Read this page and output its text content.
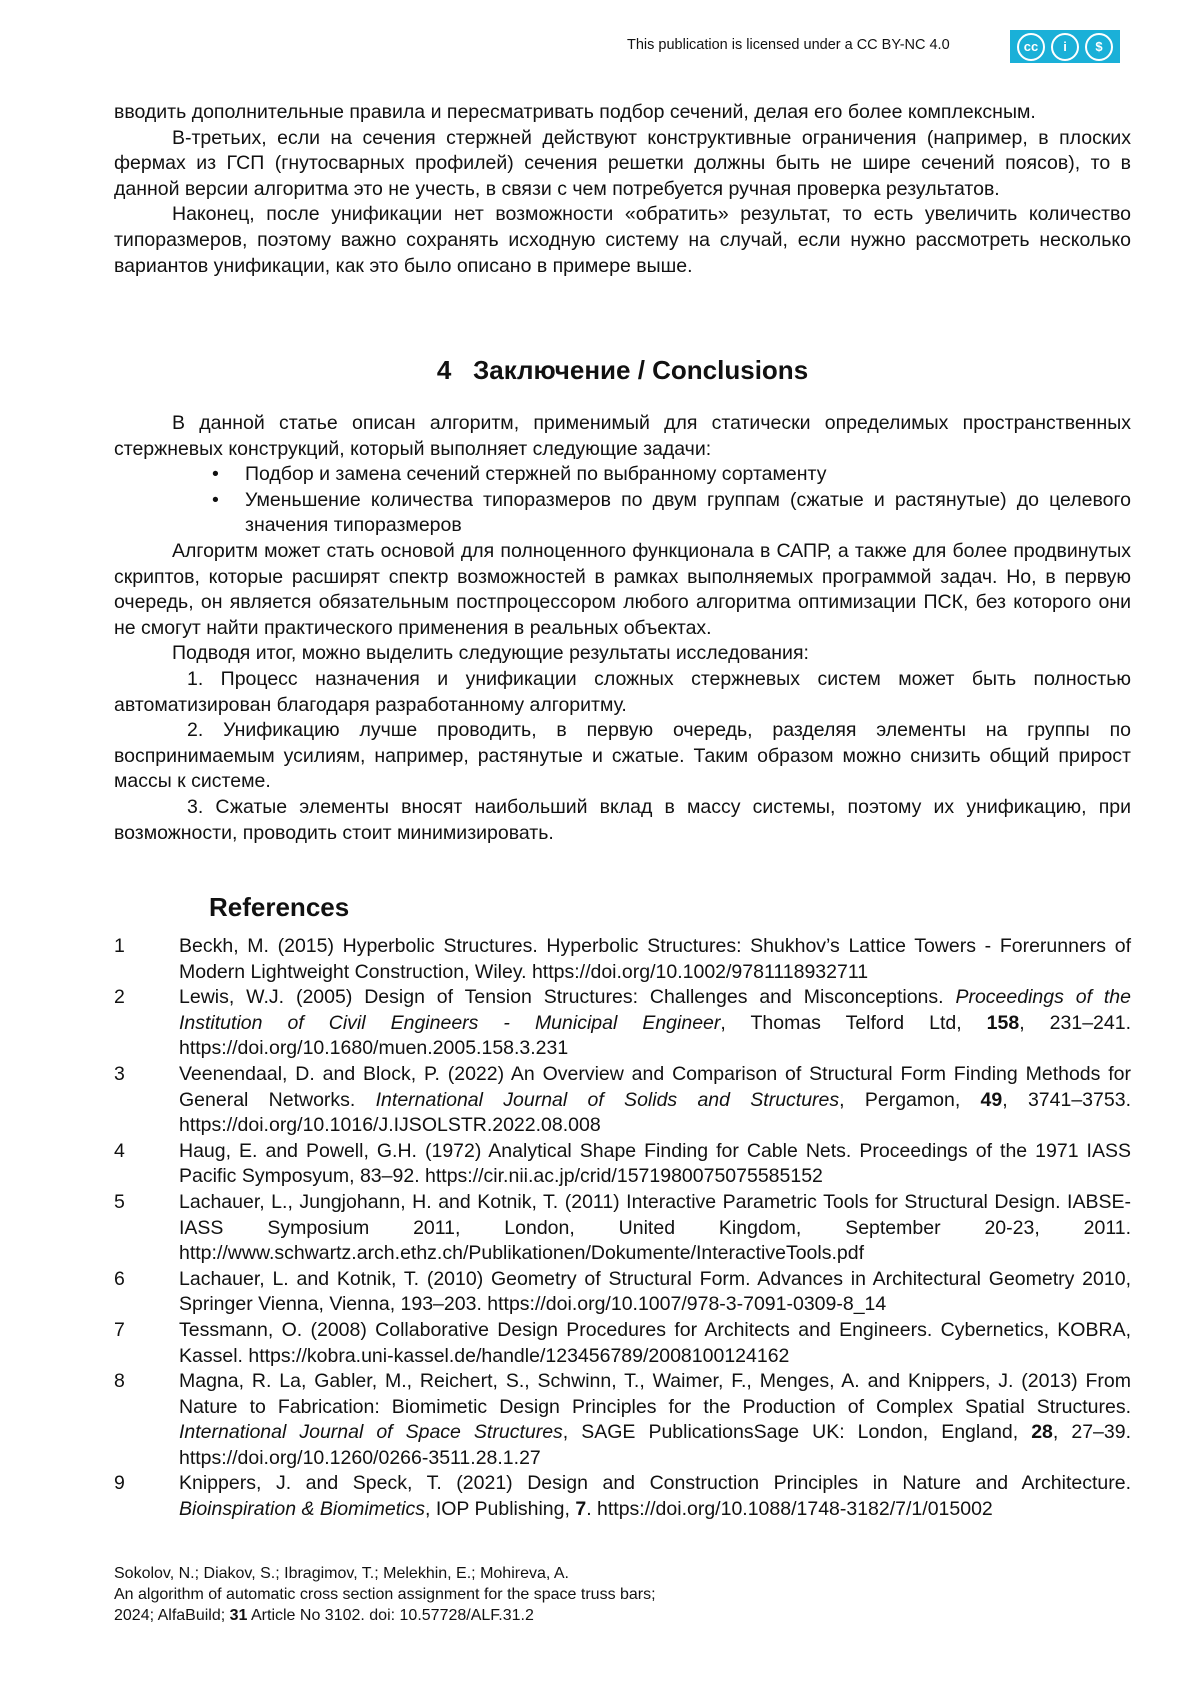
This publication is licensed under a CC BY-NC 4.0	cc	i	$

вводить дополнительные правила и пересматривать подбор сечений, делая его более комплексным.

В-третьих, если на сечения стержней действуют конструктивные ограничения (например, в плоских фермах из ГСП (гнутосварных профилей) сечения решетки должны быть не шире сечений поясов), то в данной версии алгоритма это не учесть, в связи с чем потребуется ручная проверка результатов.

Наконец, после унификации нет возможности «обратить» результат, то есть увеличить количество типоразмеров, поэтому важно сохранять исходную систему на случай, если нужно рассмотреть несколько вариантов унификации, как это было описано в примере выше.

4   Заключение / Conclusions

В данной статье описан алгоритм, применимый для статически определимых пространственных стержневых конструкций, который выполняет следующие задачи:

• Подбор и замена сечений стержней по выбранному сортаменту

• Уменьшение количества типоразмеров по двум группам (сжатые и растянутые) до целевого значения типоразмеров

Алгоритм может стать основой для полноценного функционала в САПР, а также для более продвинутых скриптов, которые расширят спектр возможностей в рамках выполняемых программой задач. Но, в первую очередь, он является обязательным постпроцессором любого алгоритма оптимизации ПСК, без которого они не смогут найти практического применения в реальных объектах.

Подводя итог, можно выделить следующие результаты исследования:

1. Процесс назначения и унификации сложных стержневых систем может быть полностью автоматизирован благодаря разработанному алгоритму.

2. Унификацию лучше проводить, в первую очередь, разделяя элементы на группы по воспринимаемым усилиям, например, растянутые и сжатые. Таким образом можно снизить общий прирост массы к системе.

3. Сжатые элементы вносят наибольший вклад в массу системы, поэтому их унификацию, при возможности, проводить стоит минимизировать.

References

1	Beckh, M. (2015) Hyperbolic Structures. Hyperbolic Structures: Shukhov’s Lattice Towers - Forerunners of Modern Lightweight Construction, Wiley. https://doi.org/10.1002/9781118932711

2	Lewis, W.J. (2005) Design of Tension Structures: Challenges and Misconceptions. Proceedings of the Institution of Civil Engineers - Municipal Engineer, Thomas Telford Ltd, 158, 231–241. https://doi.org/10.1680/muen.2005.158.3.231

3	Veenendaal, D. and Block, P. (2022) An Overview and Comparison of Structural Form Finding Methods for General Networks. International Journal of Solids and Structures, Pergamon, 49, 3741–3753. https://doi.org/10.1016/J.IJSOLSTR.2022.08.008

4	Haug, E. and Powell, G.H. (1972) Analytical Shape Finding for Cable Nets. Proceedings of the 1971 IASS Pacific Symposyum, 83–92. https://cir.nii.ac.jp/crid/1571980075075585152

5	Lachauer, L., Jungjohann, H. and Kotnik, T. (2011) Interactive Parametric Tools for Structural Design. IABSE-IASS Symposium 2011, London, United Kingdom, September 20-23, 2011. http://www.schwartz.arch.ethz.ch/Publikationen/Dokumente/InteractiveTools.pdf

6	Lachauer, L. and Kotnik, T. (2010) Geometry of Structural Form. Advances in Architectural Geometry 2010, Springer Vienna, Vienna, 193–203. https://doi.org/10.1007/978-3-7091-0309-8_14

7	Tessmann, O. (2008) Collaborative Design Procedures for Architects and Engineers. Cybernetics, KOBRA, Kassel. https://kobra.uni-kassel.de/handle/123456789/2008100124162

8	Magna, R. La, Gabler, M., Reichert, S., Schwinn, T., Waimer, F., Menges, A. and Knippers, J. (2013) From Nature to Fabrication: Biomimetic Design Principles for the Production of Complex Spatial Structures. International Journal of Space Structures, SAGE PublicationsSage UK: London, England, 28, 27–39. https://doi.org/10.1260/0266-3511.28.1.27

9	Knippers, J. and Speck, T. (2021) Design and Construction Principles in Nature and Architecture. Bioinspiration & Biomimetics, IOP Publishing, 7. https://doi.org/10.1088/1748-3182/7/1/015002

Sokolov, N.; Diakov, S.; Ibragimov, T.; Melekhin, E.; Mohireva, A.
An algorithm of automatic cross section assignment for the space truss bars;
2024; AlfaBuild; 31 Article No 3102. doi: 10.57728/ALF.31.2
